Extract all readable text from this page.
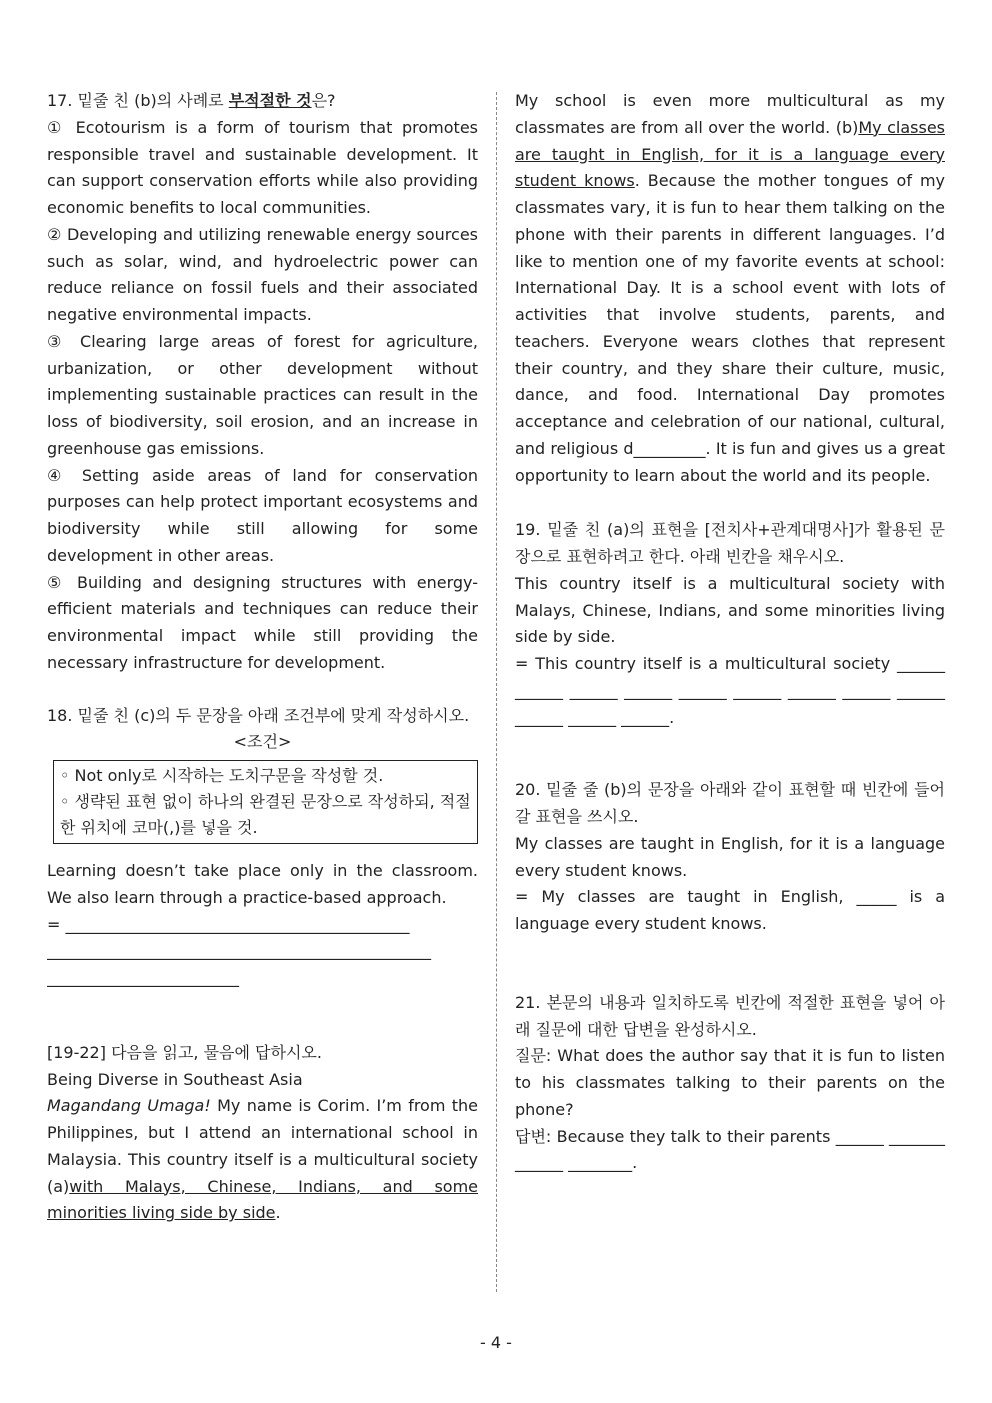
17. 밑줄 친 (b)의 사례로 부적절한 것은?

① Ecotourism is a form of tourism that promotes responsible travel and sustainable development. It can support conservation efforts while also providing economic benefits to local communities.

② Developing and utilizing renewable energy sources such as solar, wind, and hydroelectric power can reduce reliance on fossil fuels and their associated negative environmental impacts.

③ Clearing large areas of forest for agriculture, urbanization, or other development without implementing sustainable practices can result in the loss of biodiversity, soil erosion, and an increase in greenhouse gas emissions.

④ Setting aside areas of land for conservation purposes can help protect important ecosystems and biodiversity while still allowing for some development in other areas.

⑤ Building and designing structures with energy-efficient materials and techniques can reduce their environmental impact while still providing the necessary infrastructure for development.

18. 밑줄 친 (c)의 두 문장을 아래 조건부에 맞게 작성하시오.

<조건>

◦ Not only로 시작하는 도치구문을 작성할 것.

◦ 생략된 표현 없이 하나의 완결된 문장으로 작성하되, 적절한 위치에 코마(,)를 넣을 것.

Learning doesn’t take place only in the classroom. We also learn through a practice-based approach.

= ___________________________________________

________________________________________________

________________________

[19-22] 다음을 읽고, 물음에 답하시오.

Being Diverse in Southeast Asia

Magandang Umaga! My name is Corim. I’m from the Philippines, but I attend an international school in Malaysia. This country itself is a multicultural society (a)with Malays, Chinese, Indians, and some minorities living side by side.

My school is even more multicultural as my classmates are from all over the world. (b)My classes are taught in English, for it is a language every student knows. Because the mother tongues of my classmates vary, it is fun to hear them talking on the phone with their parents in different languages. I’d like to mention one of my favorite events at school: International Day. It is a school event with lots of activities that involve students, parents, and teachers. Everyone wears clothes that represent their country, and they share their culture, music, dance, and food. International Day promotes acceptance and celebration of our national, cultural, and religious d_________. It is fun and gives us a great opportunity to learn about the world and its people.

19. 밑줄 친 (a)의 표현을 [전치사+관계대명사]가 활용된 문장으로 표현하려고 한다. 아래 빈칸을 채우시오.

This country itself is a multicultural society with Malays, Chinese, Indians, and some minorities living side by side.

= This country itself is a multicultural society ______ ______ ______ ______ ______ ______ ______ ______ ______ ______ ______ ______.

20. 밑줄 줄 (b)의 문장을 아래와 같이 표현할 때 빈칸에 들어갈 표현을 쓰시오.

My classes are taught in English, for it is a language every student knows.

= My classes are taught in English, _____ is a language every student knows.

21. 본문의 내용과 일치하도록 빈칸에 적절한 표현을 넣어 아래 질문에 대한 답변을 완성하시오.

질문: What does the author say that it is fun to listen to his classmates talking to their parents on the phone?

답변: Because they talk to their parents ______ _______ ______ ________.

- 4 -
